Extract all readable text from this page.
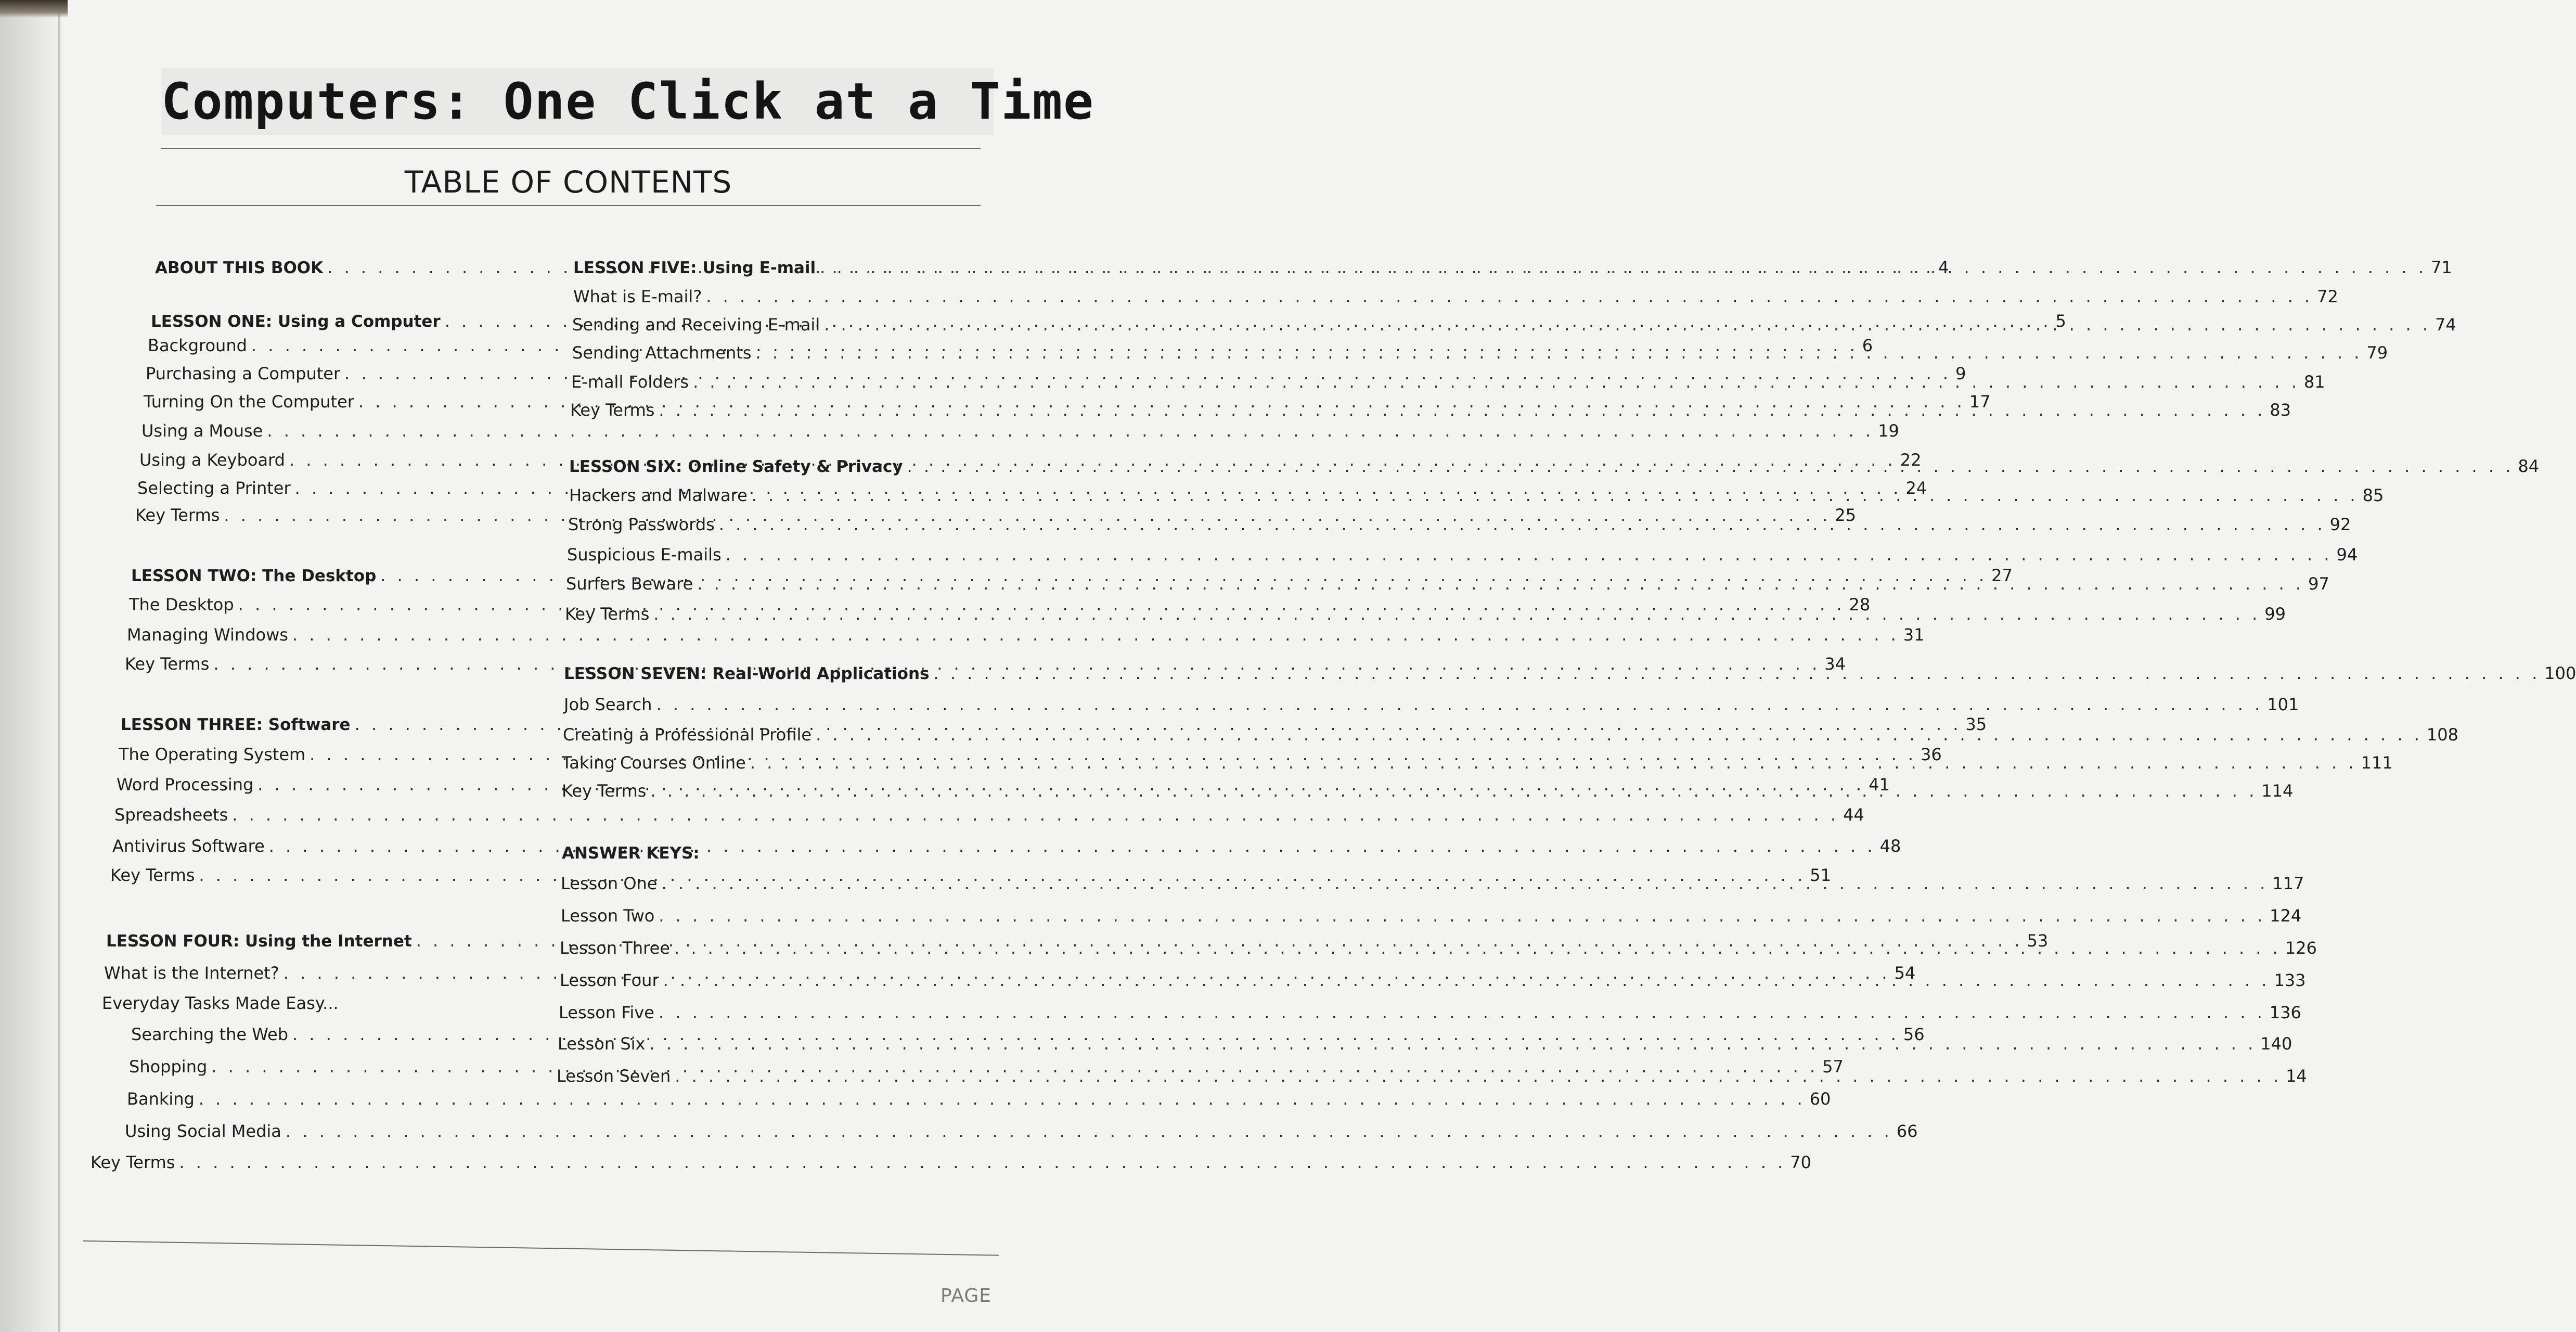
Computers: One Click at a Time
TABLE OF CONTENTS
ABOUT THIS BOOK . . .	4
LESSON ONE: Using a Computer . . .	5
Background . . .	6
Purchasing a Computer . . .	9
Turning On the Computer . . .	17
Using a Mouse . . .	19
Using a Keyboard . . .	22
Selecting a Printer . . .	24
Key Terms . . .	25
LESSON TWO: The Desktop . . .	27
The Desktop . . .	28
Managing Windows . . .	31
Key Terms . . .	34
LESSON THREE: Software . . .	35
The Operating System . . .	36
Word Processing . . .	41
Spreadsheets . . .	44
Antivirus Software . . .	48
Key Terms . . .	51
LESSON FOUR: Using the Internet . . .	53
What is the Internet? . . .	54
Everyday Tasks Made Easy...
Searching the Web . . .	56
Shopping . . .	57
Banking . . .	60
Using Social Media . . .	66
Key Terms . . .	70
LESSON FIVE: Using E-mail . . .	71
What is E-mail? . . .	72
Sending and Receiving E-mail . . .	74
Sending Attachments . . .	79
E-mail Folders . . .	81
Key Terms . . .	83
LESSON SIX: Online Safety & Privacy . . .	84
Hackers and Malware . . .	85
Strong Passwords . . .	92
Suspicious E-mails . . .	94
Surfers Beware . . .	97
Key Terms . . .	99
LESSON SEVEN: Real-World Applications . . .	100
Job Search . . .	101
Creating a Professional Profile . . .	108
Taking Courses Online . . .	111
Key Terms . . .	114
ANSWER KEYS:
Lesson One . . .	117
Lesson Two . . .	124
Lesson Three . . .	126
Lesson Four . . .	133
Lesson Five . . .	136
Lesson Six . . .	140
Lesson Seven . . .	14
PAGE
